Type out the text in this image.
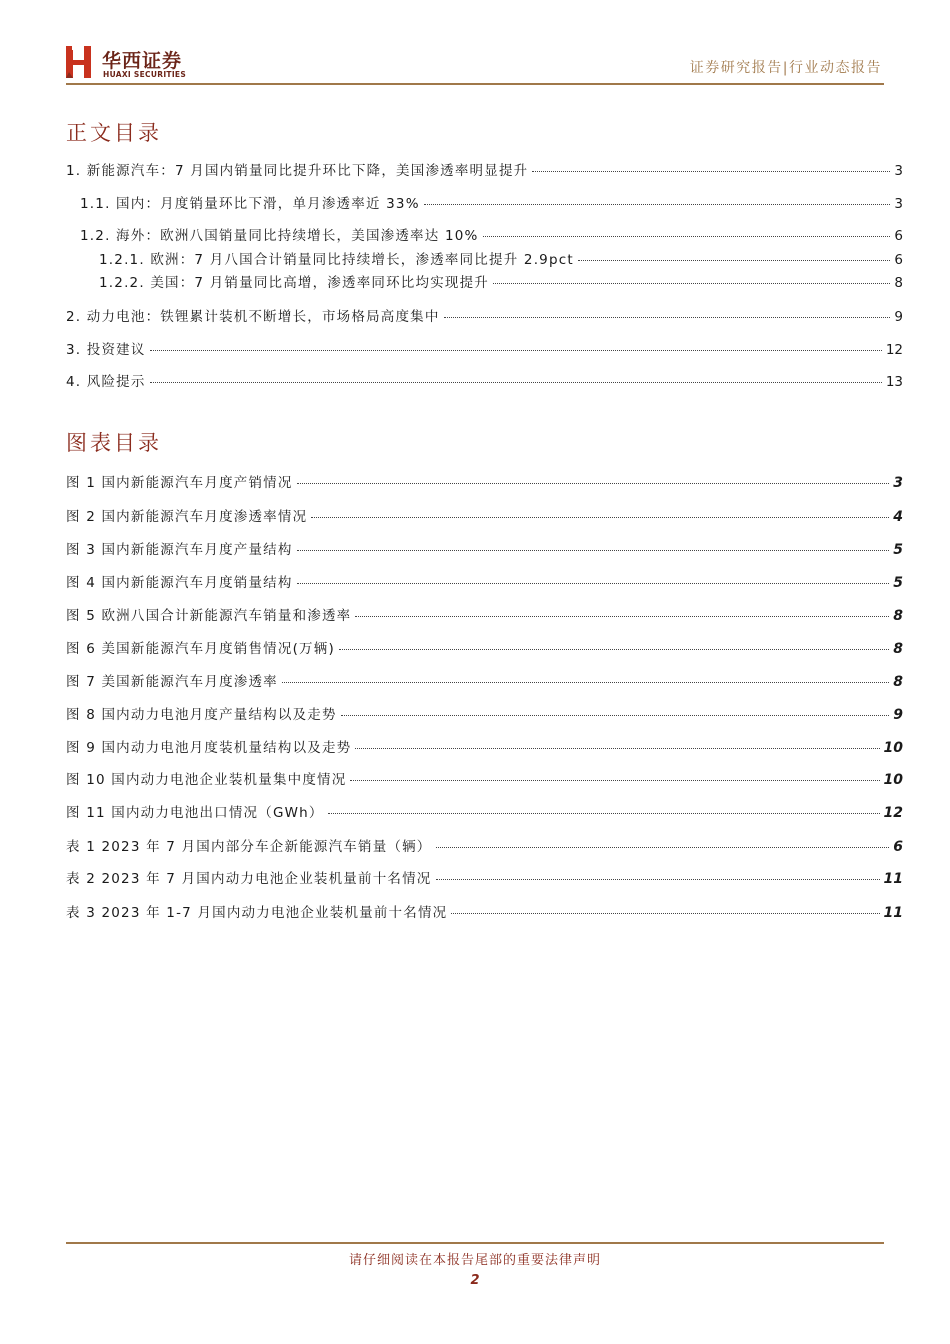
华西证券
HUAXI SECURITIES	证券研究报告|行业动态报告
正文目录
1. 新能源汽车：7 月国内销量同比提升环比下降，美国渗透率明显提升	3
1.1. 国内：月度销量环比下滑，单月渗透率近 33%	3
1.2. 海外：欧洲八国销量同比持续增长，美国渗透率达 10%	6
1.2.1. 欧洲：7 月八国合计销量同比持续增长，渗透率同比提升 2.9pct	6
1.2.2. 美国：7 月销量同比高增，渗透率同环比均实现提升	8
2. 动力电池：铁锂累计装机不断增长，市场格局高度集中	9
3. 投资建议	12
4. 风险提示	13
图表目录
图 1 国内新能源汽车月度产销情况	3
图 2 国内新能源汽车月度渗透率情况	4
图 3 国内新能源汽车月度产量结构	5
图 4 国内新能源汽车月度销量结构	5
图 5 欧洲八国合计新能源汽车销量和渗透率	8
图 6 美国新能源汽车月度销售情况(万辆)	8
图 7 美国新能源汽车月度渗透率	8
图 8 国内动力电池月度产量结构以及走势	9
图 9 国内动力电池月度装机量结构以及走势	10
图 10 国内动力电池企业装机量集中度情况	10
图 11 国内动力电池出口情况（GWh）	12
表 1 2023 年 7 月国内部分车企新能源汽车销量（辆）	6
表 2 2023 年 7 月国内动力电池企业装机量前十名情况	11
表 3 2023 年 1-7 月国内动力电池企业装机量前十名情况	11
请仔细阅读在本报告尾部的重要法律声明
2
